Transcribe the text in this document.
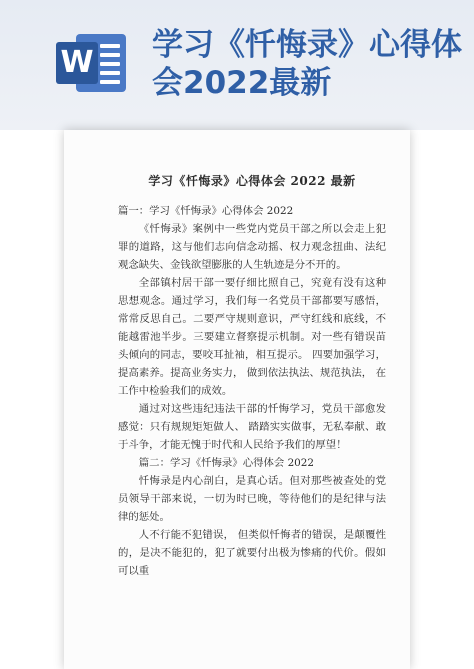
W 学习《忏悔录》心得体会2022最新
学习《忏悔录》心得体会 2022 最新

篇一：学习《忏悔录》心得体会 2022

《忏悔录》案例中一些党内党员干部之所以会走上犯罪的道路，这与他们志向信念动摇、权力观念扭曲、法纪观念缺失、金钱欲望膨胀的人生轨迹是分不开的。

全部镇村居干部一要仔细比照自己，究竟有没有这种思想观念。通过学习，我们每一名党员干部都要写感悟，常常反思自己。二要严守规则意识，严守红线和底线，不能越雷池半步。三要建立督察提示机制。对一些有错误苗头倾向的同志，要咬耳扯袖，相互提示。 四要加强学习，提高素养。提高业务实力， 做到依法执法、规范执法， 在工作中检验我们的成效。

通过对这些违纪违法干部的忏悔学习，党员干部愈发感觉：只有规规矩矩做人、 踏踏实实做事，无私奉献、敢于斗争，才能无愧于时代和人民给予我们的厚望！

篇二：学习《忏悔录》心得体会 2022

忏悔录是内心剖白，是真心话。但对那些被查处的党员领导干部来说，一切为时已晚，等待他们的是纪律与法律的惩处。

人不行能不犯错误， 但类似忏悔者的错误，是颠覆性的，是决不能犯的，犯了就要付出极为惨痛的代价。假如可以重
